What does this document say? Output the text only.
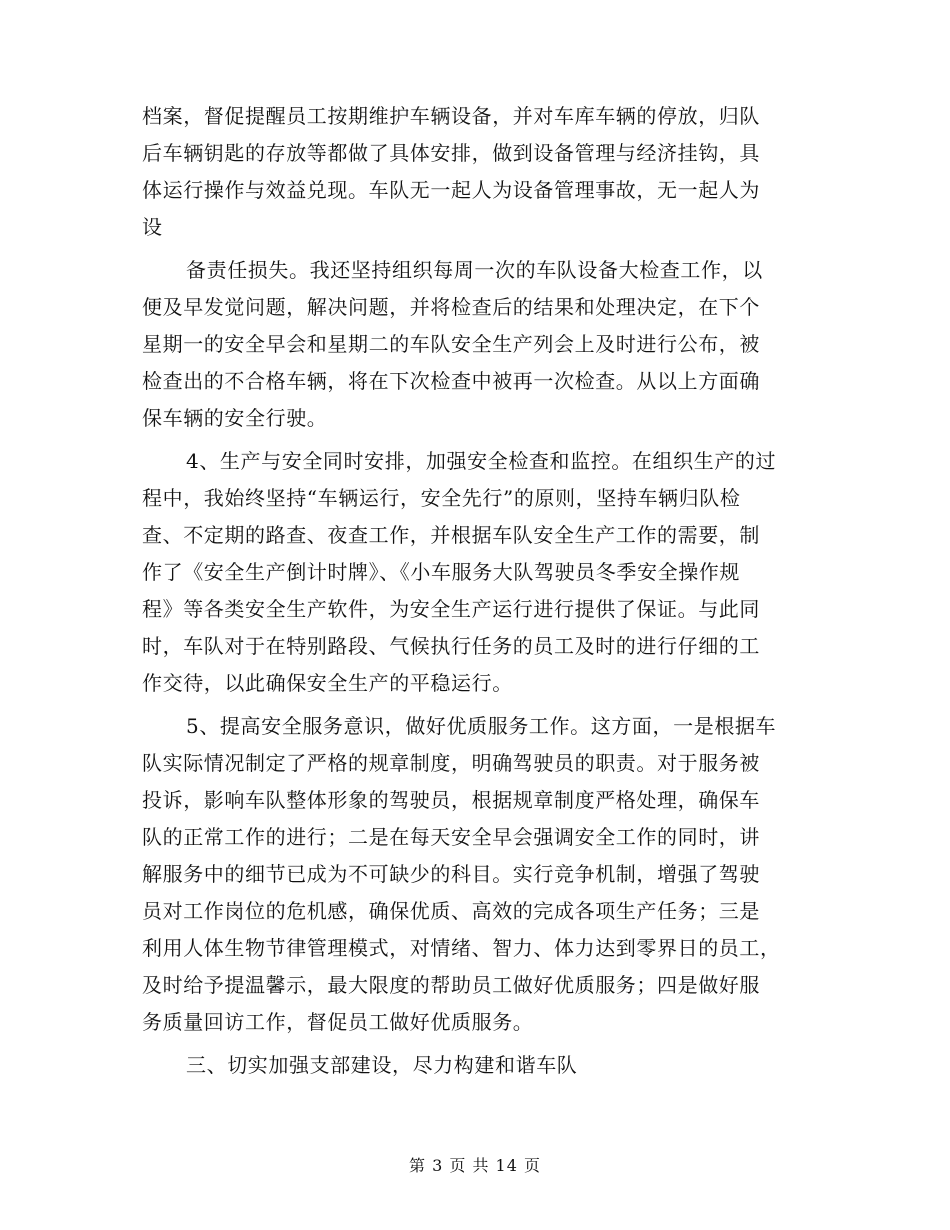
档案，督促提醒员工按期维护车辆设备，并对车库车辆的停放，归队
后车辆钥匙的存放等都做了具体安排，做到设备管理与经济挂钩，具
体运行操作与效益兑现。车队无一起人为设备管理事故，无一起人为
设
备责任损失。我还坚持组织每周一次的车队设备大检查工作，以
便及早发觉问题，解决问题，并将检查后的结果和处理决定，在下个
星期一的安全早会和星期二的车队安全生产列会上及时进行公布，被
检查出的不合格车辆，将在下次检查中被再一次检查。从以上方面确
保车辆的安全行驶。
4、生产与安全同时安排，加强安全检查和监控。在组织生产的过
程中，我始终坚持“车辆运行，安全先行”的原则，坚持车辆归队检
查、不定期的路查、夜查工作，并根据车队安全生产工作的需要，制
作了《安全生产倒计时牌》、《小车服务大队驾驶员冬季安全操作规
程》等各类安全生产软件，为安全生产运行进行提供了保证。与此同
时，车队对于在特别路段、气候执行任务的员工及时的进行仔细的工
作交待，以此确保安全生产的平稳运行。
5、提高安全服务意识，做好优质服务工作。这方面，一是根据车
队实际情况制定了严格的规章制度，明确驾驶员的职责。对于服务被
投诉，影响车队整体形象的驾驶员，根据规章制度严格处理，确保车
队的正常工作的进行；二是在每天安全早会强调安全工作的同时，讲
解服务中的细节已成为不可缺少的科目。实行竞争机制，增强了驾驶
员对工作岗位的危机感，确保优质、高效的完成各项生产任务；三是
利用人体生物节律管理模式，对情绪、智力、体力达到零界日的员工，
及时给予提温馨示，最大限度的帮助员工做好优质服务；四是做好服
务质量回访工作，督促员工做好优质服务。
三、切实加强支部建设，尽力构建和谐车队
第 3 页 共 14 页
